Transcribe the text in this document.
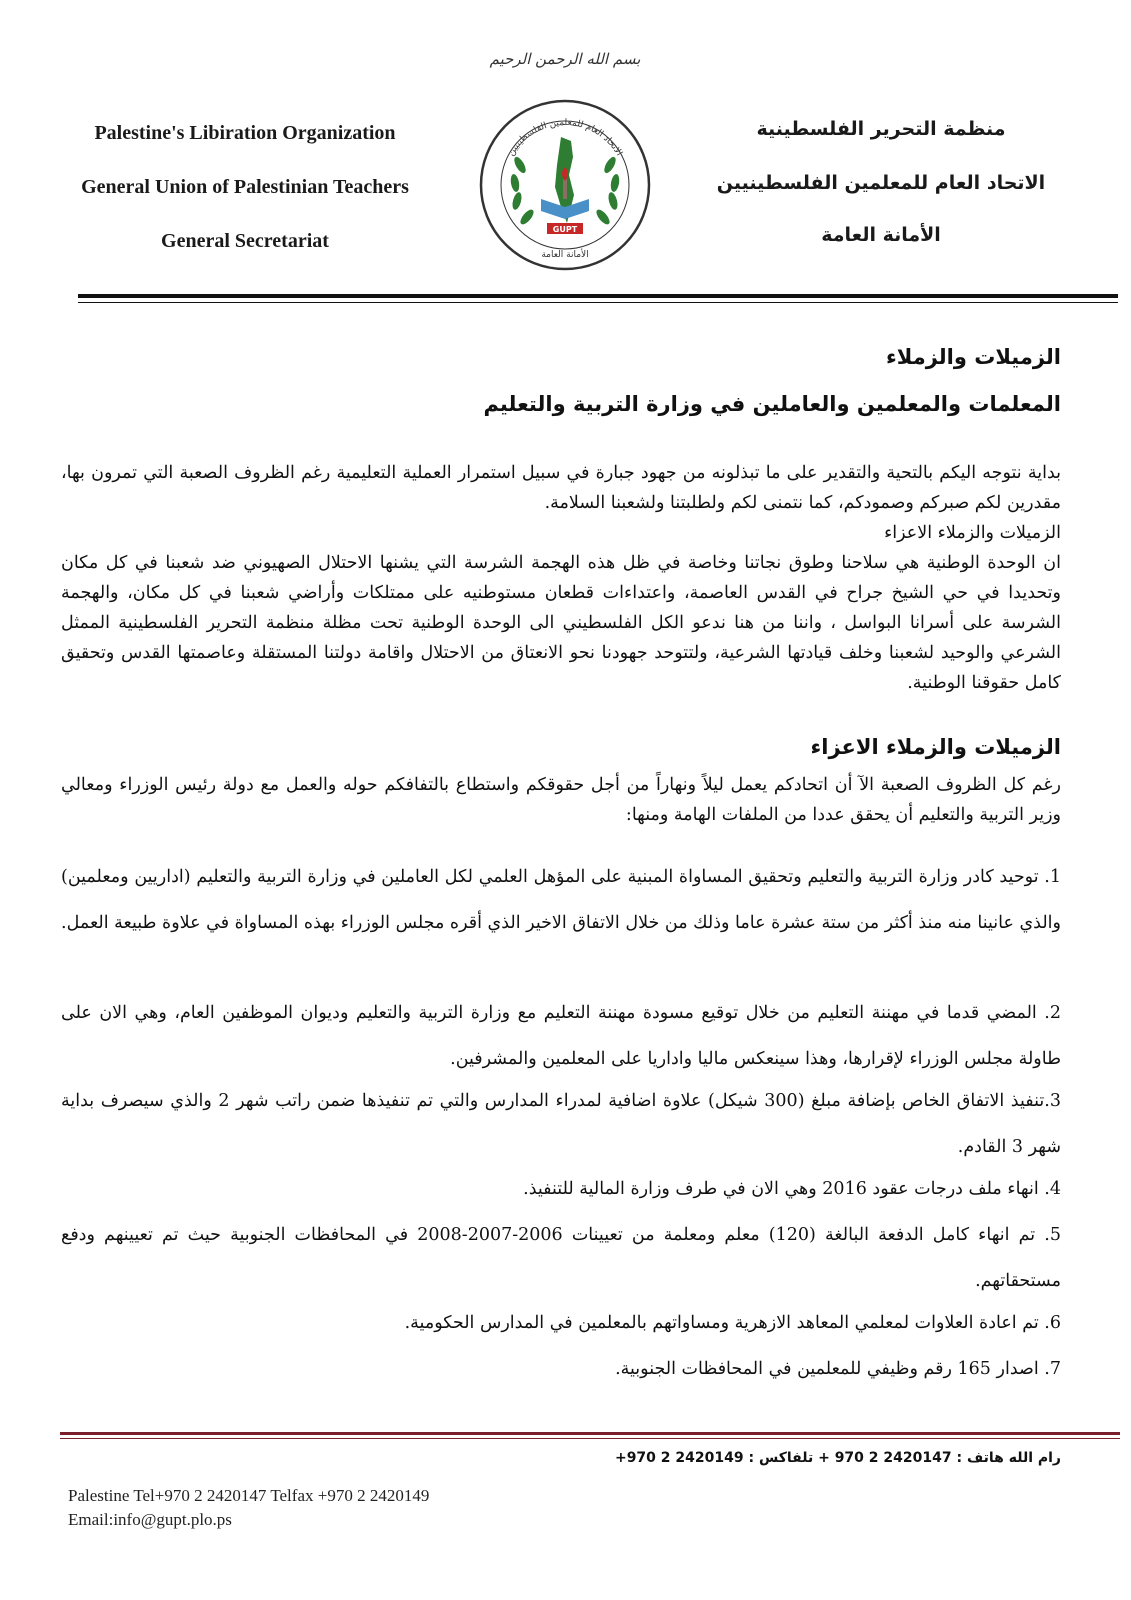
بسم الله الرحمن الرحيم
Palestine's Libiration Organization
General Union of Palestinian Teachers
General Secretariat
منظمة التحرير الفلسطينية
الاتحاد العام للمعلمين الفلسطينيين
الأمانة العامة
الاتحاد العام للمعلمين الفلسطينيين
GUPT
الأمانة العامة
الزميلات والزملاء
المعلمات والمعلمين والعاملين في وزارة التربية والتعليم
بداية نتوجه اليكم بالتحية والتقدير على ما تبذلونه من جهود جبارة في سبيل استمرار العملية التعليمية رغم الظروف الصعبة التي تمرون بها، مقدرين لكم صبركم وصمودكم، كما نتمنى لكم ولطلبتنا ولشعبنا السلامة.
الزميلات والزملاء الاعزاء
ان الوحدة الوطنية هي سلاحنا وطوق نجاتنا وخاصة في ظل هذه الهجمة الشرسة التي يشنها الاحتلال الصهيوني ضد شعبنا في كل مكان وتحديدا في حي الشيخ جراح في القدس العاصمة، واعتداءات قطعان مستوطنيه على ممتلكات وأراضي شعبنا في كل مكان، والهجمة الشرسة على أسرانا البواسل ، واننا من هنا ندعو الكل الفلسطيني الى الوحدة الوطنية تحت مظلة منظمة التحرير الفلسطينية الممثل الشرعي والوحيد لشعبنا وخلف قيادتها الشرعية، ولتتوحد جهودنا نحو الانعتاق من الاحتلال واقامة دولتنا المستقلة وعاصمتها القدس وتحقيق كامل حقوقنا الوطنية.
الزميلات والزملاء الاعزاء
رغم كل الظروف الصعبة الآ أن اتحادكم يعمل ليلاً ونهاراً من أجل حقوقكم واستطاع بالتفافكم حوله والعمل مع دولة رئيس الوزراء ومعالي وزير التربية والتعليم أن يحقق عددا من الملفات الهامة ومنها:
1. توحيد كادر وزارة التربية والتعليم وتحقيق المساواة المبنية على المؤهل العلمي لكل العاملين في وزارة التربية والتعليم (اداريين ومعلمين) والذي عانينا منه منذ أكثر من ستة عشرة عاما وذلك من خلال الاتفاق الاخير الذي أقره مجلس الوزراء بهذه المساواة في علاوة طبيعة العمل.
2. المضي قدما في مهننة التعليم من خلال توقيع مسودة مهننة التعليم مع وزارة التربية والتعليم وديوان الموظفين العام، وهي الان على طاولة مجلس الوزراء لإقرارها، وهذا سينعكس ماليا واداريا على المعلمين والمشرفين.
3.تنفيذ الاتفاق الخاص بإضافة مبلغ (300 شيكل) علاوة اضافية لمدراء المدارس والتي تم تنفيذها ضمن راتب شهر 2 والذي سيصرف بداية شهر 3 القادم.
4. انهاء ملف درجات عقود 2016 وهي الان في طرف وزارة المالية للتنفيذ.
5. تم انهاء كامل الدفعة البالغة (120) معلم ومعلمة من تعيينات 2006-2007-2008 في المحافظات الجنوبية حيث تم تعيينهم ودفع مستحقاتهم.
6. تم اعادة العلاوات لمعلمي المعاهد الازهرية ومساواتهم بالمعلمين في المدارس الحكومية.
7. اصدار 165 رقم وظيفي للمعلمين في المحافظات الجنوبية.
رام الله هاتف : 2420147 2 970 + تلفاكس : 2420149 2 970+
Palestine Tel+970 2 2420147 Telfax +970 2 2420149
Email:info@gupt.plo.ps
